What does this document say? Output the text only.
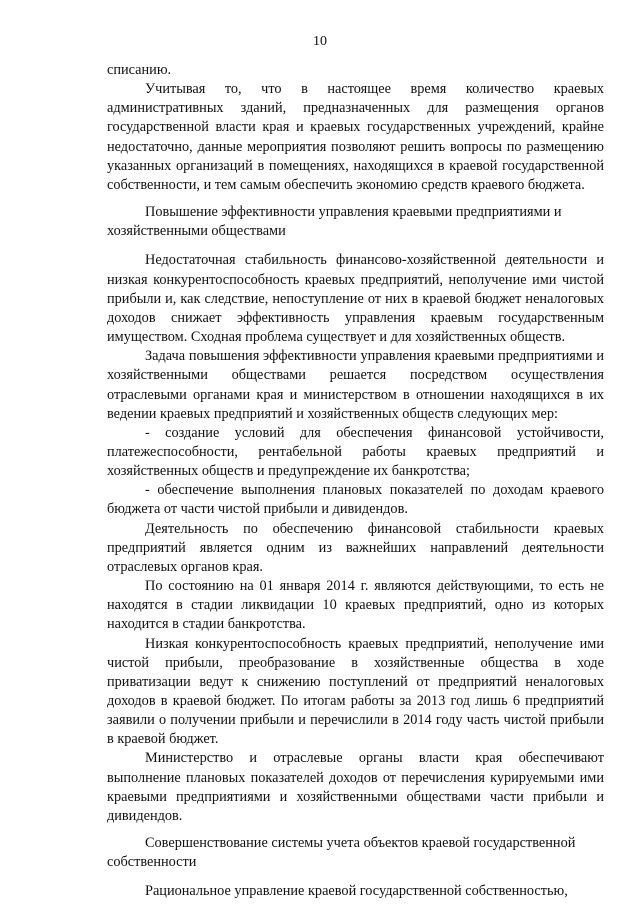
10

списанию.

Учитывая то, что в настоящее время количество краевых административных зданий, предназначенных для размещения органов государственной власти края и краевых государственных учреждений, крайне недостаточно, данные мероприятия позволяют решить вопросы по размещению указанных организаций в помещениях, находящихся в краевой государственной собственности, и тем самым обеспечить экономию средств краевого бюджета.

Повышение эффективности управления краевыми предприятиями и хозяйственными обществами

Недостаточная стабильность финансово-хозяйственной деятельности и низкая конкурентоспособность краевых предприятий, неполучение ими чистой прибыли и, как следствие, непоступление от них в краевой бюджет неналоговых доходов снижает эффективность управления краевым государственным имуществом. Сходная проблема существует и для хозяйственных обществ.

Задача повышения эффективности управления краевыми предприятиями и хозяйственными обществами решается посредством осуществления отраслевыми органами края и министерством в отношении находящихся в их ведении краевых предприятий и хозяйственных обществ следующих мер:

- создание условий для обеспечения финансовой устойчивости, платежеспособности, рентабельной работы краевых предприятий и хозяйственных обществ и предупреждение их банкротства;

- обеспечение выполнения плановых показателей по доходам краевого бюджета от части чистой прибыли и дивидендов.

Деятельность по обеспечению финансовой стабильности краевых предприятий является одним из важнейших направлений деятельности отраслевых органов края.

По состоянию на 01 января 2014 г. являются действующими, то есть не находятся в стадии ликвидации 10 краевых предприятий, одно из которых находится в стадии банкротства.

Низкая конкурентоспособность краевых предприятий, неполучение ими чистой прибыли, преобразование в хозяйственные общества в ходе приватизации ведут к снижению поступлений от предприятий неналоговых доходов в краевой бюджет. По итогам работы за 2013 год лишь 6 предприятий заявили о получении прибыли и перечислили в 2014 году часть чистой прибыли в краевой бюджет.

Министерство и отраслевые органы власти края обеспечивают выполнение плановых показателей доходов от перечисления курируемыми ими краевыми предприятиями и хозяйственными обществами части прибыли и дивидендов.

Совершенствование системы учета объектов краевой государственной собственности

Рациональное управление краевой государственной собственностью,
